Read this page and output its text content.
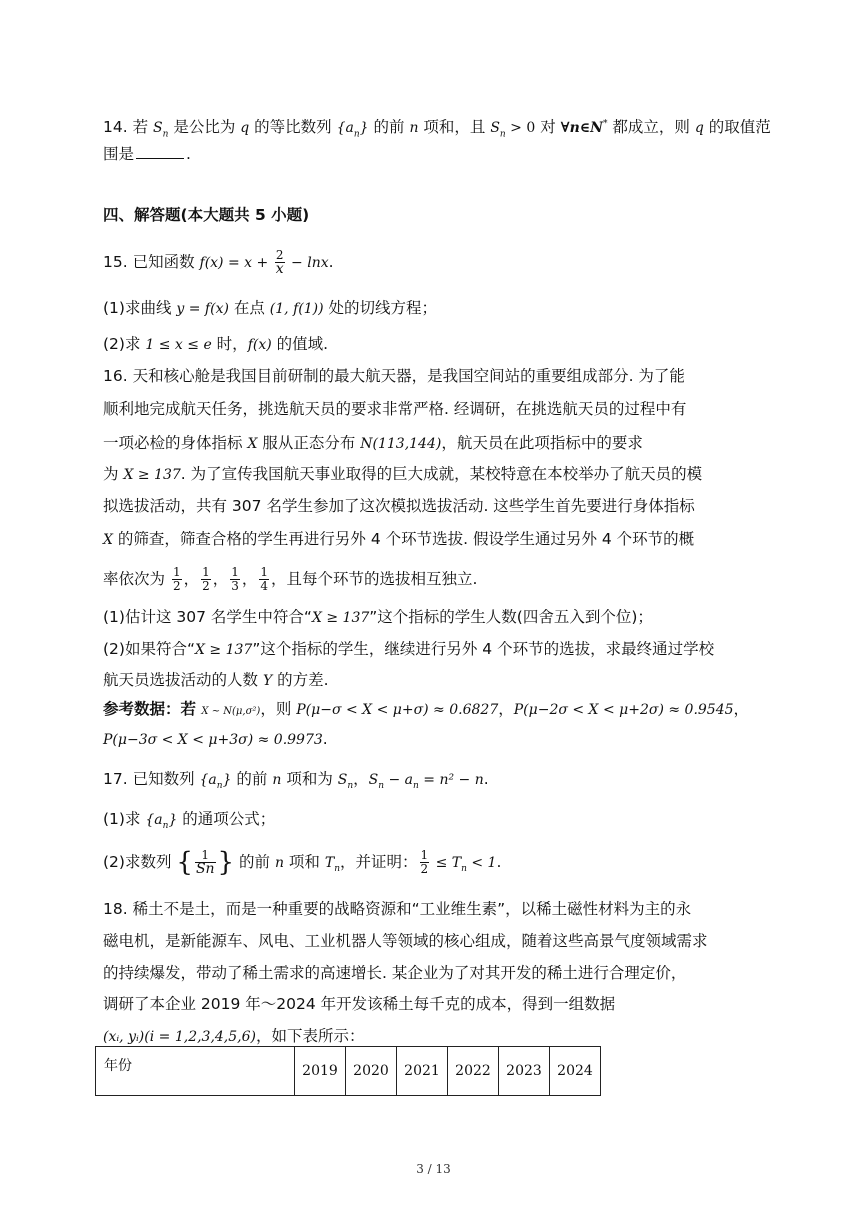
14. 若 $S_n$ 是公比为 q 的等比数列 $\{a_n\}$ 的前 n 项和，且 $S_n > 0$ 对 ∀n∈N* 都成立，则 q 的取值范
围是	.
四、解答题(本大题共 5 小题)
15. 已知函数 $f(x) = x + \frac{2}{x} - \ln x$.
(1)求曲线 y = f(x) 在点 (1, f(1)) 处的切线方程；
(2)求 1 ≤ x ≤ e 时，f(x) 的值域.
16. 天和核心舱是我国目前研制的最大航天器，是我国空间站的重要组成部分. 为了能
顺利地完成航天任务，挑选航天员的要求非常严格. 经调研，在挑选航天员的过程中有
一项必检的身体指标 X 服从正态分布 N(113,144)，航天员在此项指标中的要求
为 X ≥ 137. 为了宣传我国航天事业取得的巨大成就，某校特意在本校举办了航天员的模
拟选拔活动，共有 307 名学生参加了这次模拟选拔活动. 这些学生首先要进行身体指标
X 的筛查，筛查合格的学生再进行另外 4 个环节选拔. 假设学生通过另外 4 个环节的概
率依次为 $\frac{1}{2}$ ， $\frac{1}{2}$ ， $\frac{1}{3}$ ， $\frac{1}{4}$ ，且每个环节的选拔相互独立.
(1)估计这 307 名学生中符合“X ≥ 137”这个指标的学生人数(四舍五入到个位)；
(2)如果符合“X ≥ 137”这个指标的学生，继续进行另外 4 个环节的选拔，求最终通过学校
航天员选拔活动的人数 Y 的方差.
参考数据：若 X ~ N(μ,σ²)，则 P(μ−σ < X < μ+σ) ≈ 0.6827，P(μ−2σ < X < μ+2σ) ≈ 0.9545，
P(μ−3σ < X < μ+3σ) ≈ 0.9973.
17. 已知数列 $\{a_n\}$ 的前 n 项和为 $S_n$，$S_n - a_n = n^2 - n$.
(1)求 $\{a_n\}$ 的通项公式；
(2)求数列 { $\frac{1}{Sn}$ } 的前 n 项和 $T_n$，并证明： $\frac{1}{2} \le T_n < 1$.
18. 稀土不是土，而是一种重要的战略资源和“工业维生素”，以稀土磁性材料为主的永
磁电机，是新能源车、风电、工业机器人等领域的核心组成，随着这些高景气度领域需求
的持续爆发，带动了稀土需求的高速增长. 某企业为了对其开发的稀土进行合理定价，
调研了本企业 2019 年～2024 年开发该稀土每千克的成本，得到一组数据
(xᵢ, yᵢ)(i = 1,2,3,4,5,6)，如下表所示：
年份	2019	2020	2021	2022	2023	2024
3 / 13
